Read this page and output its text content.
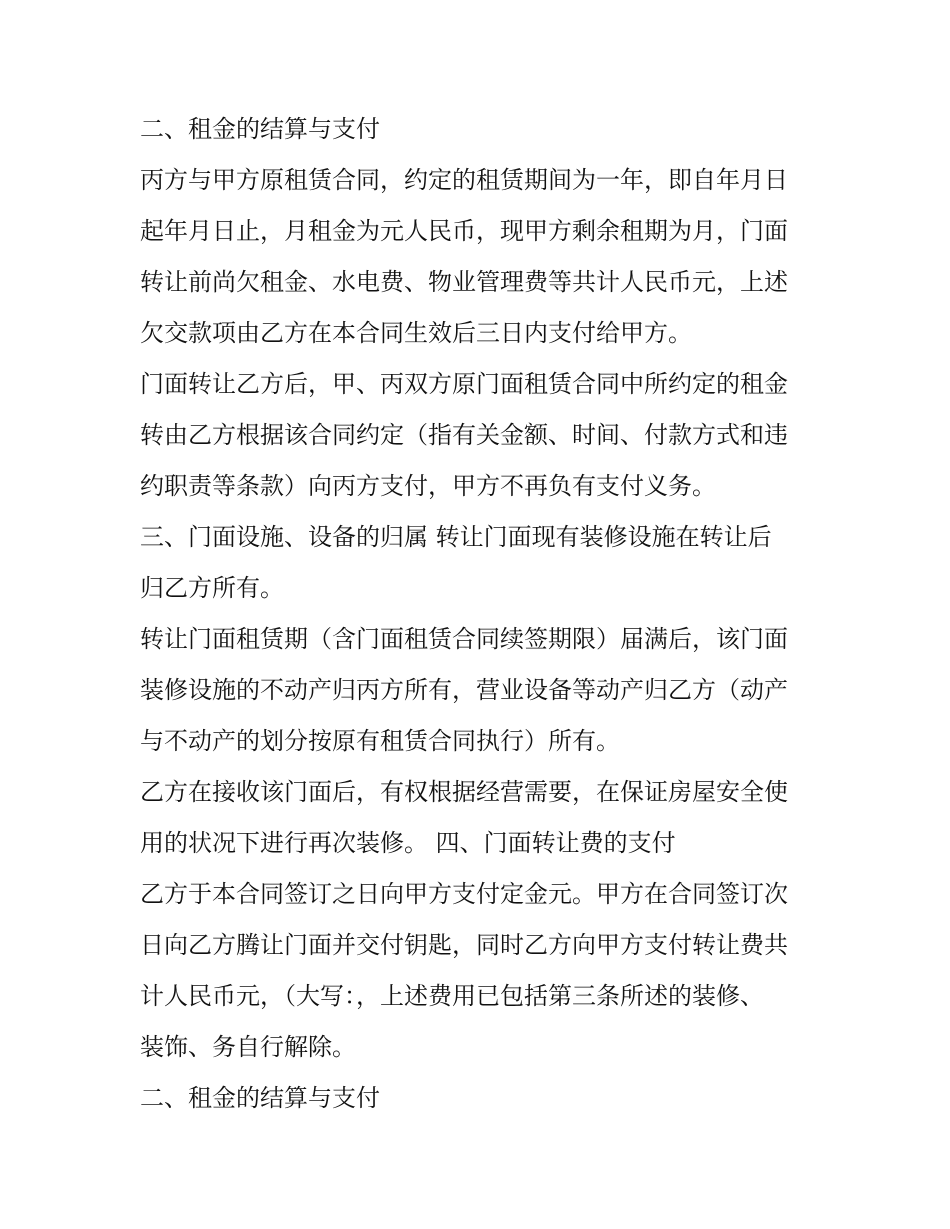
二、租金的结算与支付
丙方与甲方原租赁合同，约定的租赁期间为一年，即自年月日
起年月日止，月租金为元人民币，现甲方剩余租期为月，门面
转让前尚欠租金、水电费、物业管理费等共计人民币元，上述
欠交款项由乙方在本合同生效后三日内支付给甲方。
门面转让乙方后，甲、丙双方原门面租赁合同中所约定的租金
转由乙方根据该合同约定（指有关金额、时间、付款方式和违
约职责等条款）向丙方支付，甲方不再负有支付义务。
三、门面设施、设备的归属 转让门面现有装修设施在转让后
归乙方所有。
转让门面租赁期（含门面租赁合同续签期限）届满后，该门面
装修设施的不动产归丙方所有，营业设备等动产归乙方（动产
与不动产的划分按原有租赁合同执行）所有。
乙方在接收该门面后，有权根据经营需要，在保证房屋安全使
用的状况下进行再次装修。 四、门面转让费的支付
乙方于本合同签订之日向甲方支付定金元。甲方在合同签订次
日向乙方腾让门面并交付钥匙，同时乙方向甲方支付转让费共
计人民币元，（大写：，上述费用已包括第三条所述的装修、
装饰、务自行解除。
二、租金的结算与支付
